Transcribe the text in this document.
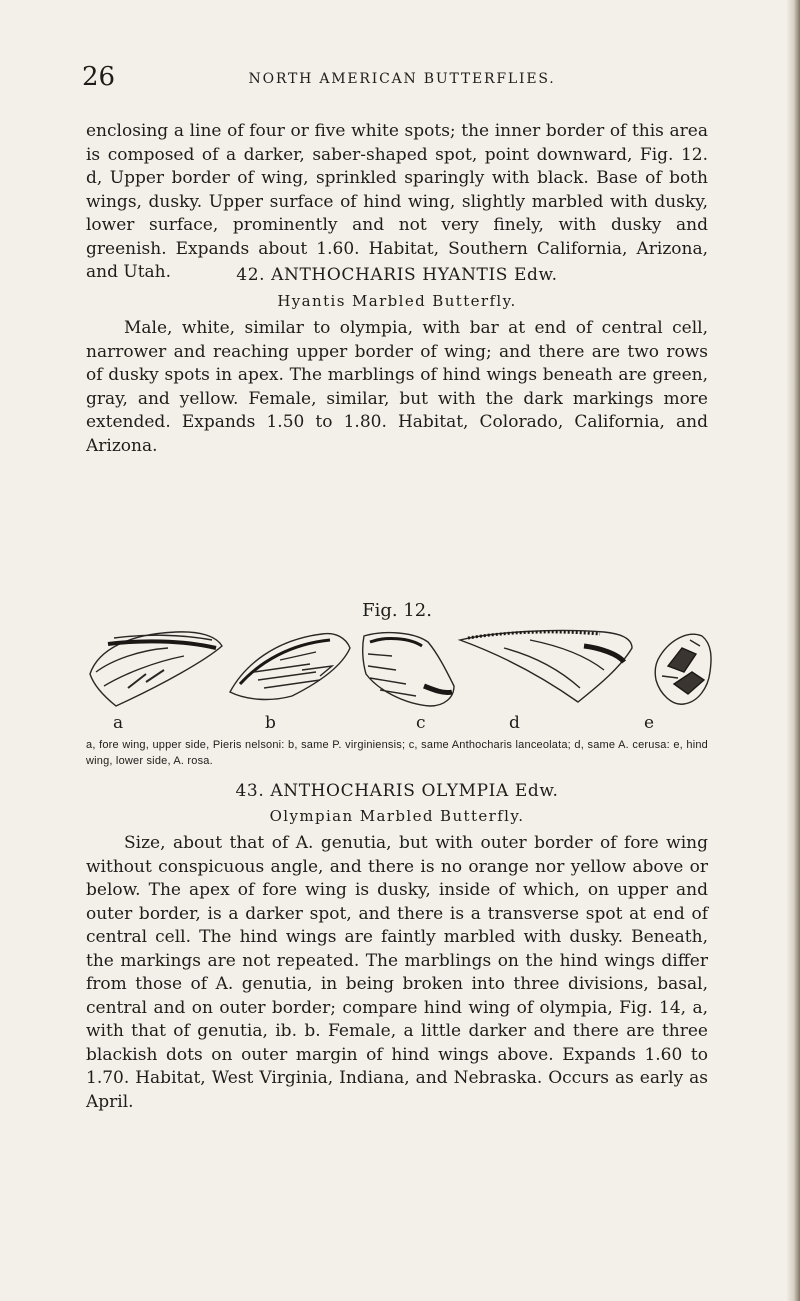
26	NORTH AMERICAN BUTTERFLIES.

enclosing a line of four or five white spots; the inner border of this area is composed of a darker, saber-shaped spot, point downward, Fig. 12. d, Upper border of wing, sprinkled sparingly with black. Base of both wings, dusky. Upper surface of hind wing, slightly marbled with dusky, lower surface, prominently and not very finely, with dusky and greenish. Expands about 1.60. Habitat, Southern California, Arizona, and Utah.	42. ANTHOCHARIS HYANTIS Edw.
Hyantis Marbled Butterfly.

Male, white, similar to olympia, with bar at end of central cell, narrower and reaching upper border of wing; and there are two rows of dusky spots in apex. The marblings of hind wings beneath are green, gray, and yellow. Female, similar, but with the dark markings more extended. Expands 1.50 to 1.80. Habitat, Colorado, California, and Arizona.

Fig. 12.
a	b	c	d	e
a, fore wing, upper side, Pieris nelsoni: b, same P. virginiensis; c, same Anthocharis lanceolata; d, same A. cerusa: e, hind wing, lower side, A. rosa.
43. ANTHOCHARIS OLYMPIA Edw.
Olympian Marbled Butterfly.

Size, about that of A. genutia, but with outer border of fore wing without conspicuous angle, and there is no orange nor yellow above or below. The apex of fore wing is dusky, inside of which, on upper and outer border, is a darker spot, and there is a transverse spot at end of central cell. The hind wings are faintly marbled with dusky. Beneath, the markings are not repeated. The marblings on the hind wings differ from those of A. genutia, in being broken into three divisions, basal, central and on outer border; compare hind wing of olympia, Fig. 14, a, with that of genutia, ib. b. Female, a little darker and there are three blackish dots on outer margin of hind wings above. Expands 1.60 to 1.70. Habitat, West Virginia, Indiana, and Nebraska. Occurs as early as April.
